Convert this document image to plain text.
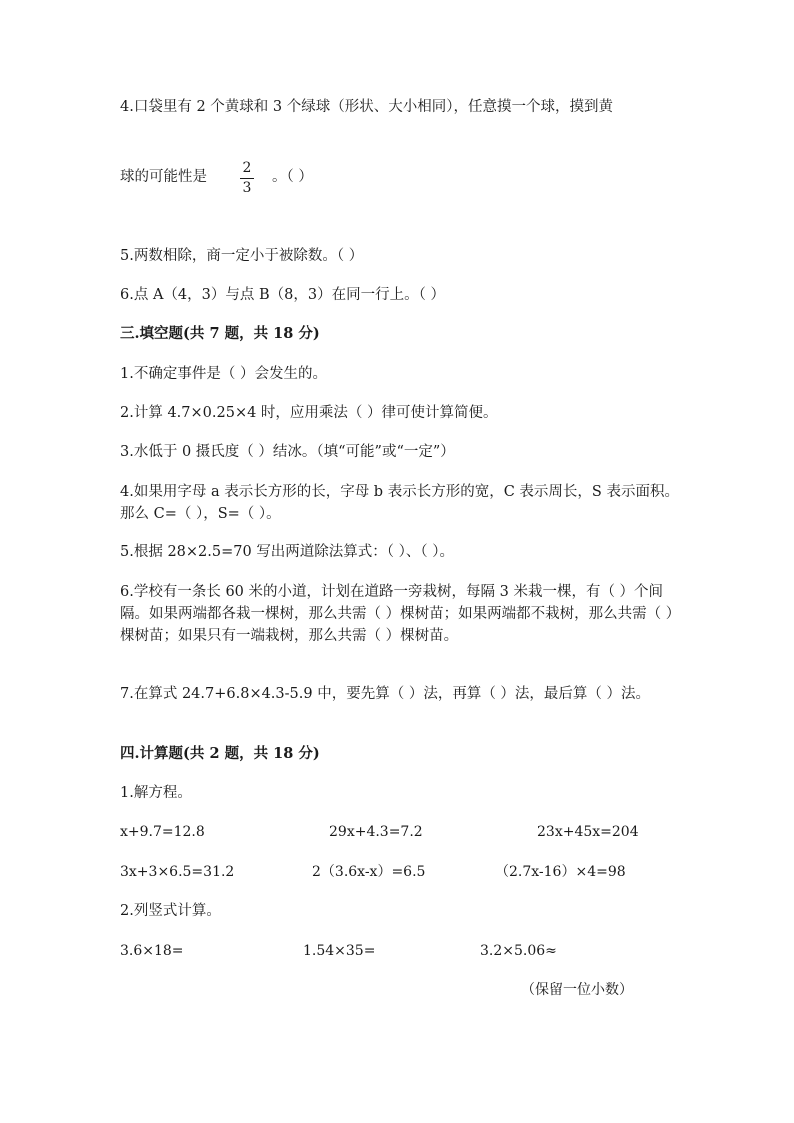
4.口袋里有 2 个黄球和 3 个绿球（形状、大小相同），任意摸一个球，摸到黄
球的可能性是
2
3
。（ ）
5.两数相除，商一定小于被除数。（ ）
6.点 A（4，3）与点 B（8，3）在同一行上。（ ）
三.填空题(共 7 题，共 18 分)
1.不确定事件是（ ）会发生的。
2.计算 4.7×0.25×4 时，应用乘法（ ）律可使计算简便。
3.水低于 0 摄氏度（ ）结冰。（填“可能”或“一定”）
4.如果用字母 a 表示长方形的长，字母 b 表示长方形的宽，C 表示周长，S 表示面积。那么 C=（ ），S=（ ）。
5.根据 28×2.5=70 写出两道除法算式：（ ）、（ ）。
6.学校有一条长 60 米的小道，计划在道路一旁栽树，每隔 3 米栽一棵，有（ ）个间隔。如果两端都各栽一棵树，那么共需（ ）棵树苗；如果两端都不栽树，那么共需（ ）棵树苗；如果只有一端栽树，那么共需（ ）棵树苗。
7.在算式 24.7+6.8×4.3-5.9 中，要先算（ ）法，再算（ ）法，最后算（ ）法。
四.计算题(共 2 题，共 18 分)
1.解方程。
x+9.7=12.8	29x+4.3=7.2	23x+45x=204
3x+3×6.5=31.2	2（3.6x-x）=6.5	（2.7x-16）×4=98
2.列竖式计算。
3.6×18=	1.54×35=	3.2×5.06≈
（保留一位小数）
